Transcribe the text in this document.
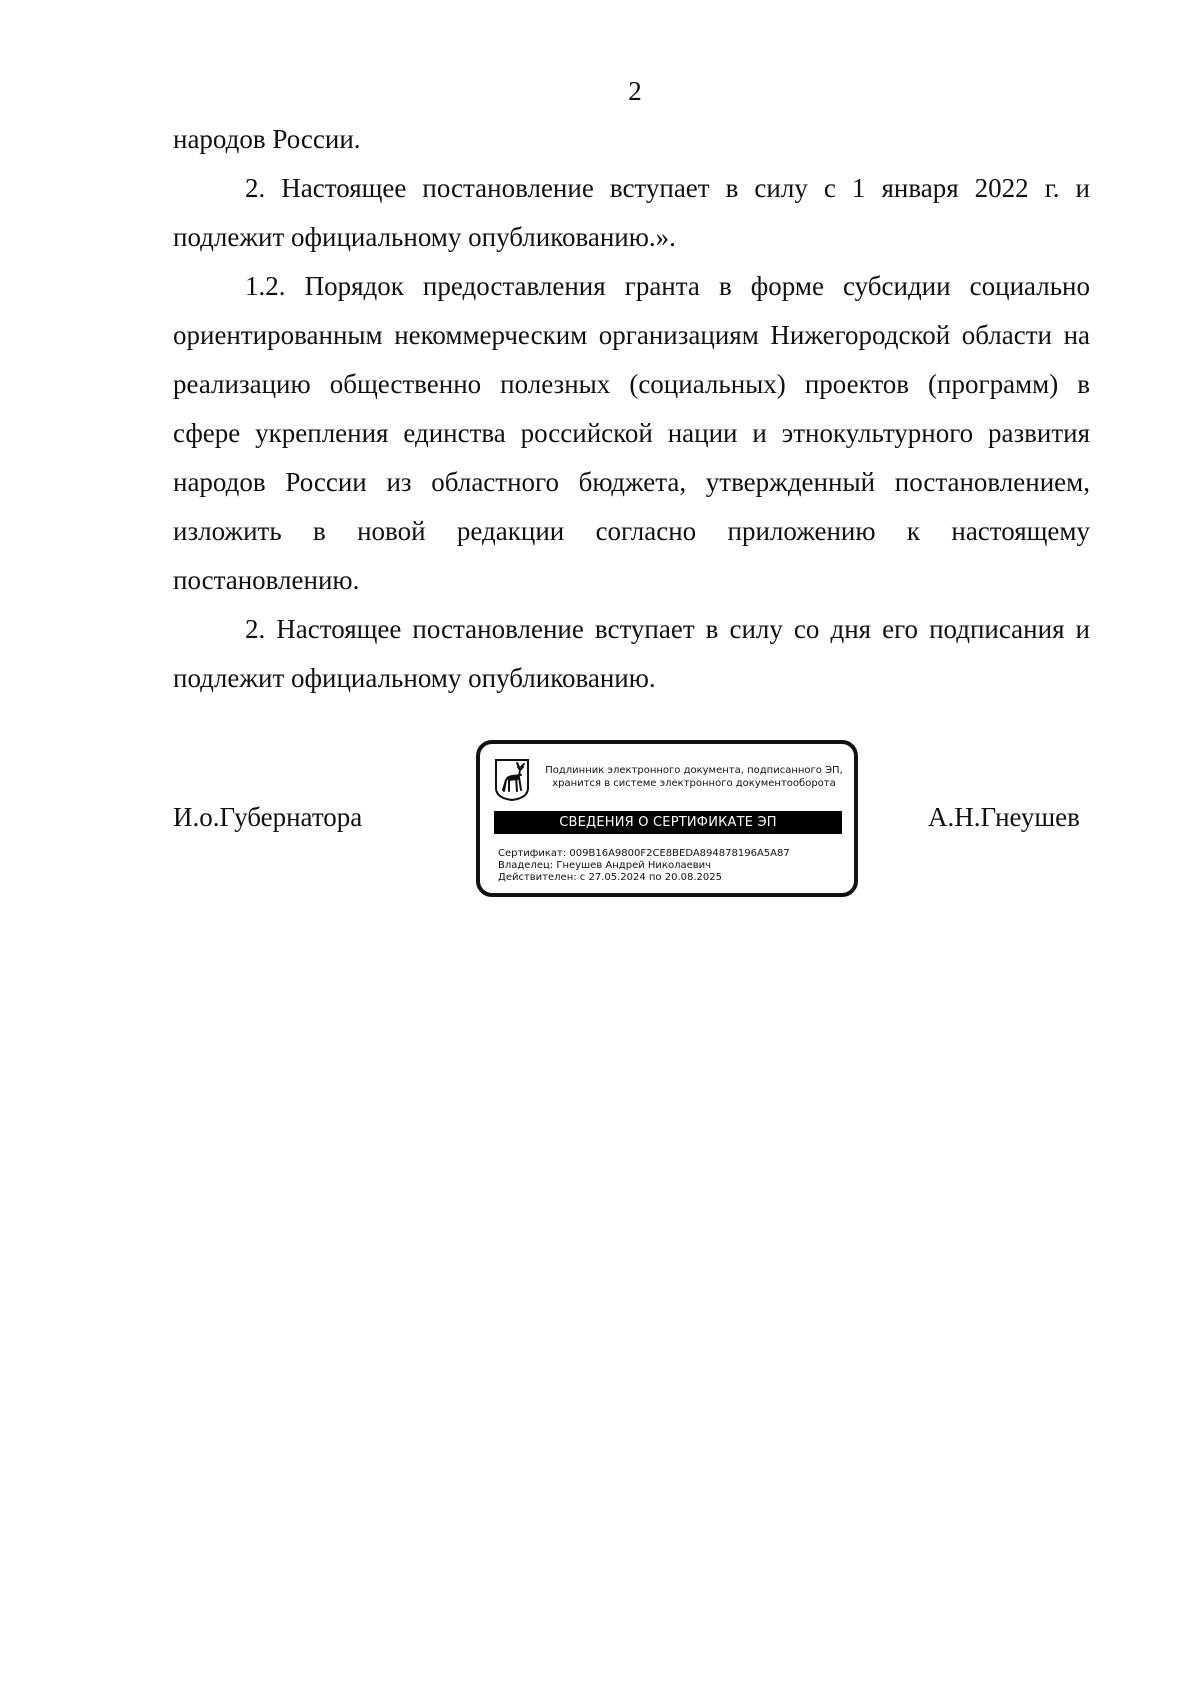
2

народов России.

2. Настоящее постановление вступает в силу с 1 января 2022 г. и подлежит официальному опубликованию.».

1.2. Порядок предоставления гранта в форме субсидии социально ориентированным некоммерческим организациям Нижегородской области на реализацию общественно полезных (социальных) проектов (программ) в сфере укрепления единства российской нации и этнокультурного развития народов России из областного бюджета, утвержденный постановлением, изложить в новой редакции согласно приложению к настоящему постановлению.

2. Настоящее постановление вступает в силу со дня его подписания и подлежит официальному опубликованию.

И.о.Губернатора
Подлинник электронного документа, подписанного ЭП,
хранится в системе электронного документооборота
СВЕДЕНИЯ О СЕРТИФИКАТЕ ЭП
Сертификат: 009B16A9800F2CE8BEDA894878196A5A87
Владелец: Гнеушев Андрей Николаевич
Действителен: с 27.05.2024 по 20.08.2025
А.Н.Гнеушев
